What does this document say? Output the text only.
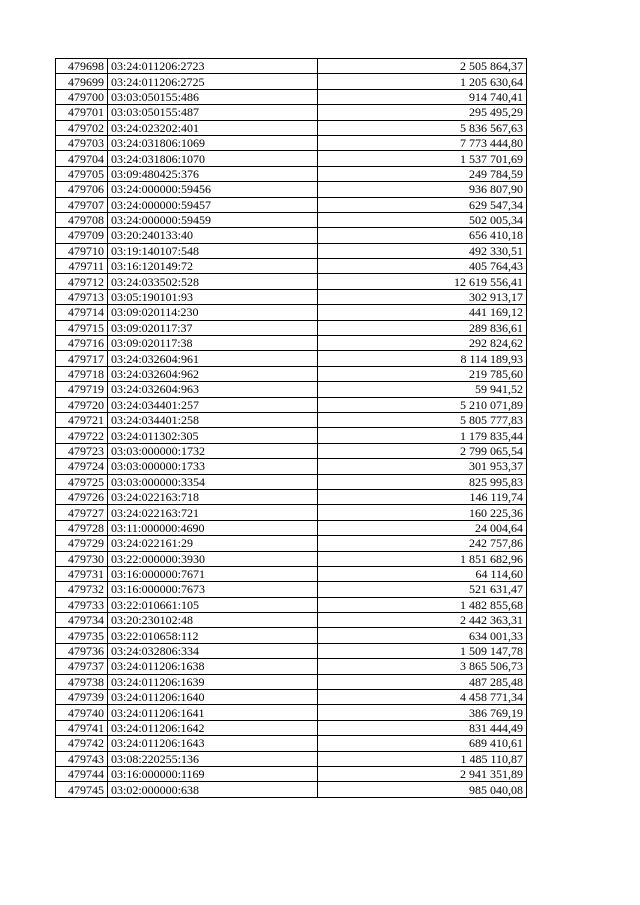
479698	03:24:011206:2723	2 505 864,37
479699	03:24:011206:2725	1 205 630,64
479700	03:03:050155:486	914 740,41
479701	03:03:050155:487	295 495,29
479702	03:24:023202:401	5 836 567,63
479703	03:24:031806:1069	7 773 444,80
479704	03:24:031806:1070	1 537 701,69
479705	03:09:480425:376	249 784,59
479706	03:24:000000:59456	936 807,90
479707	03:24:000000:59457	629 547,34
479708	03:24:000000:59459	502 005,34
479709	03:20:240133:40	656 410,18
479710	03:19:140107:548	492 330,51
479711	03:16:120149:72	405 764,43
479712	03:24:033502:528	12 619 556,41
479713	03:05:190101:93	302 913,17
479714	03:09:020114:230	441 169,12
479715	03:09:020117:37	289 836,61
479716	03:09:020117:38	292 824,62
479717	03:24:032604:961	8 114 189,93
479718	03:24:032604:962	219 785,60
479719	03:24:032604:963	59 941,52
479720	03:24:034401:257	5 210 071,89
479721	03:24:034401:258	5 805 777,83
479722	03:24:011302:305	1 179 835,44
479723	03:03:000000:1732	2 799 065,54
479724	03:03:000000:1733	301 953,37
479725	03:03:000000:3354	825 995,83
479726	03:24:022163:718	146 119,74
479727	03:24:022163:721	160 225,36
479728	03:11:000000:4690	24 004,64
479729	03:24:022161:29	242 757,86
479730	03:22:000000:3930	1 851 682,96
479731	03:16:000000:7671	64 114,60
479732	03:16:000000:7673	521 631,47
479733	03:22:010661:105	1 482 855,68
479734	03:20:230102:48	2 442 363,31
479735	03:22:010658:112	634 001,33
479736	03:24:032806:334	1 509 147,78
479737	03:24:011206:1638	3 865 506,73
479738	03:24:011206:1639	487 285,48
479739	03:24:011206:1640	4 458 771,34
479740	03:24:011206:1641	386 769,19
479741	03:24:011206:1642	831 444,49
479742	03:24:011206:1643	689 410,61
479743	03:08:220255:136	1 485 110,87
479744	03:16:000000:1169	2 941 351,89
479745	03:02:000000:638	985 040,08
